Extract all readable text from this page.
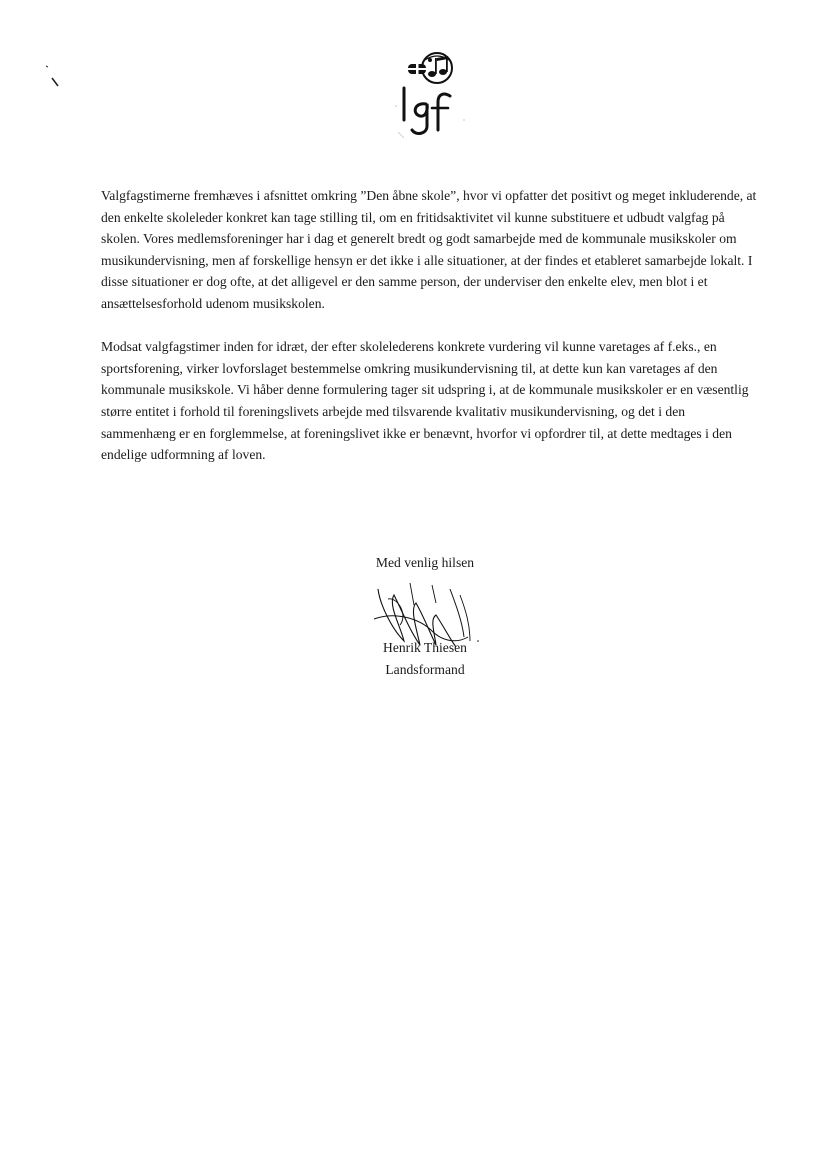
Valgfagstimerne fremhæves i afsnittet omkring ”Den åbne skole”, hvor vi opfatter det positivt og meget inkluderende, at den enkelte skoleleder konkret kan tage stilling til, om en fritidsaktivitet vil kunne substituere et udbudt valgfag på skolen. Vores medlemsforeninger har i dag et generelt bredt og godt samarbejde med de kommunale musikskoler om musikundervisning, men af forskellige hensyn er det ikke i alle situationer, at der findes et etableret samarbejde lokalt. I disse situationer er dog ofte, at det alligevel er den samme person, der underviser den enkelte elev, men blot i et ansættelsesforhold udenom musikskolen.

Modsat valgfagstimer inden for idræt, der efter skolelederens konkrete vurdering vil kunne varetages af f.eks., en sportsforening, virker lovforslaget bestemmelse omkring musikundervisning til, at dette kun kan varetages af den kommunale musikskole. Vi håber denne formulering tager sit udspring i, at de kommunale musikskoler er en væsentlig større entitet i forhold til foreningslivets arbejde med tilsvarende kvalitativ musikundervisning, og det i den sammenhæng er en forglemmelse, at foreningslivet ikke er benævnt, hvorfor vi opfordrer til, at dette medtages i den endelige udformning af loven.

Med venlig hilsen
Henrik Thiesen
Landsformand
